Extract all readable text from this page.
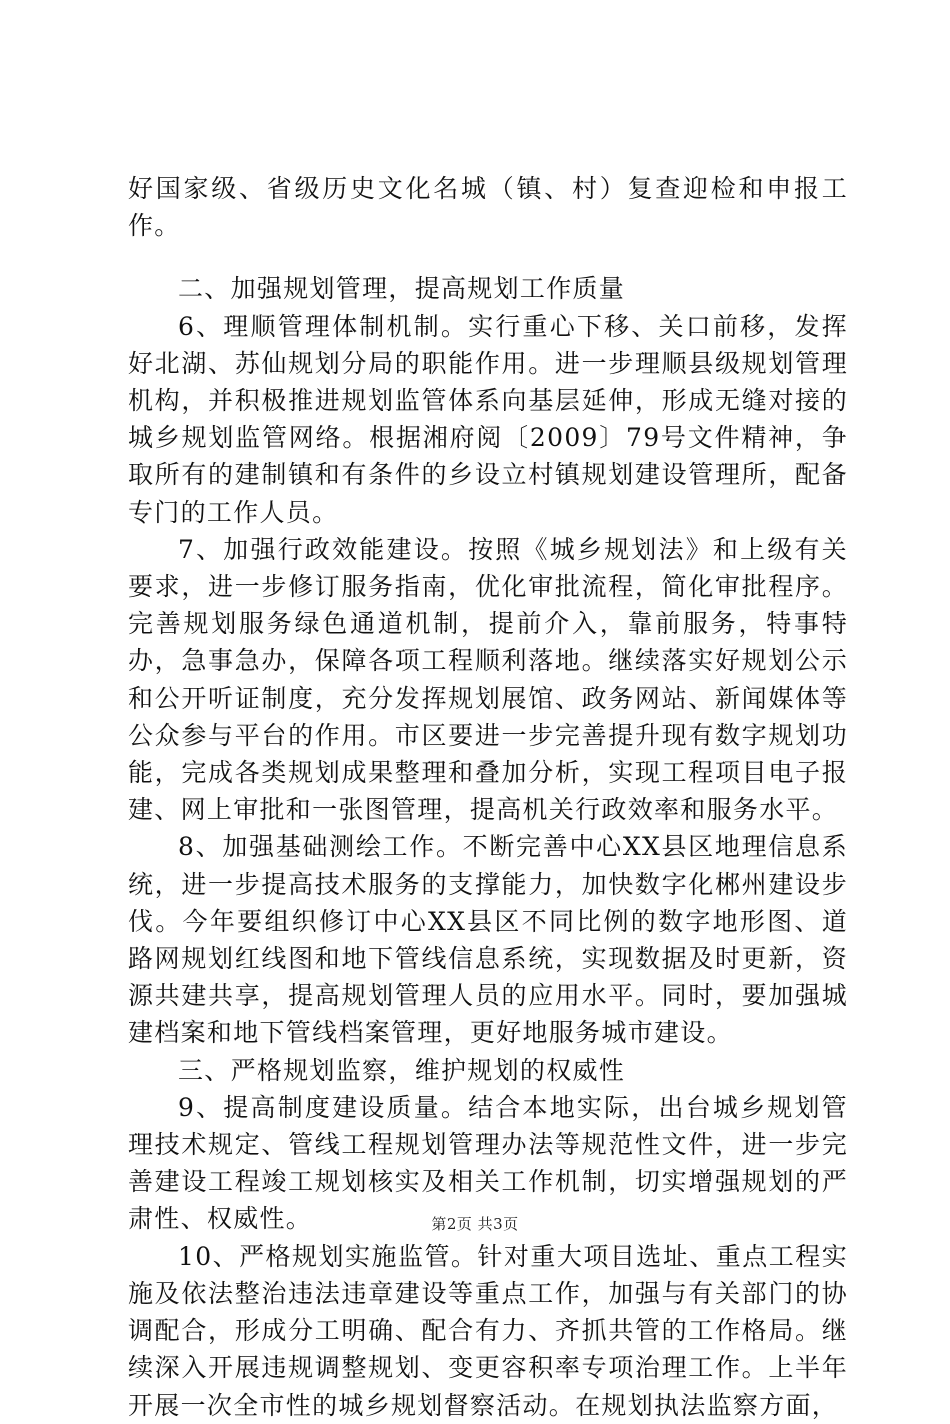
好国家级、省级历史文化名城（镇、村）复查迎检和申报工作。

二、加强规划管理，提高规划工作质量

6、理顺管理体制机制。实行重心下移、关口前移，发挥好北湖、苏仙规划分局的职能作用。进一步理顺县级规划管理机构，并积极推进规划监管体系向基层延伸，形成无缝对接的城乡规划监管网络。根据湘府阅〔2009〕79号文件精神，争取所有的建制镇和有条件的乡设立村镇规划建设管理所，配备专门的工作人员。

7、加强行政效能建设。按照《城乡规划法》和上级有关要求，进一步修订服务指南，优化审批流程，简化审批程序。完善规划服务绿色通道机制，提前介入，靠前服务，特事特办，急事急办，保障各项工程顺利落地。继续落实好规划公示和公开听证制度，充分发挥规划展馆、政务网站、新闻媒体等公众参与平台的作用。市区要进一步完善提升现有数字规划功能，完成各类规划成果整理和叠加分析，实现工程项目电子报建、网上审批和一张图管理，提高机关行政效率和服务水平。

8、加强基础测绘工作。不断完善中心XX县区地理信息系统，进一步提高技术服务的支撑能力，加快数字化郴州建设步伐。今年要组织修订中心XX县区不同比例的数字地形图、道路网规划红线图和地下管线信息系统，实现数据及时更新，资源共建共享，提高规划管理人员的应用水平。同时，要加强城建档案和地下管线档案管理，更好地服务城市建设。

三、严格规划监察，维护规划的权威性

9、提高制度建设质量。结合本地实际，出台城乡规划管理技术规定、管线工程规划管理办法等规范性文件，进一步完善建设工程竣工规划核实及相关工作机制，切实增强规划的严肃性、权威性。

10、严格规划实施监管。针对重大项目选址、重点工程实施及依法整治违法违章建设等重点工作，加强与有关部门的协调配合，形成分工明确、配合有力、齐抓共管的工作格局。继续深入开展违规调整规划、变更容积率专项治理工作。上半年开展一次全市性的城乡规划督察活动。在规划执法监察方面，

第2页 共3页
